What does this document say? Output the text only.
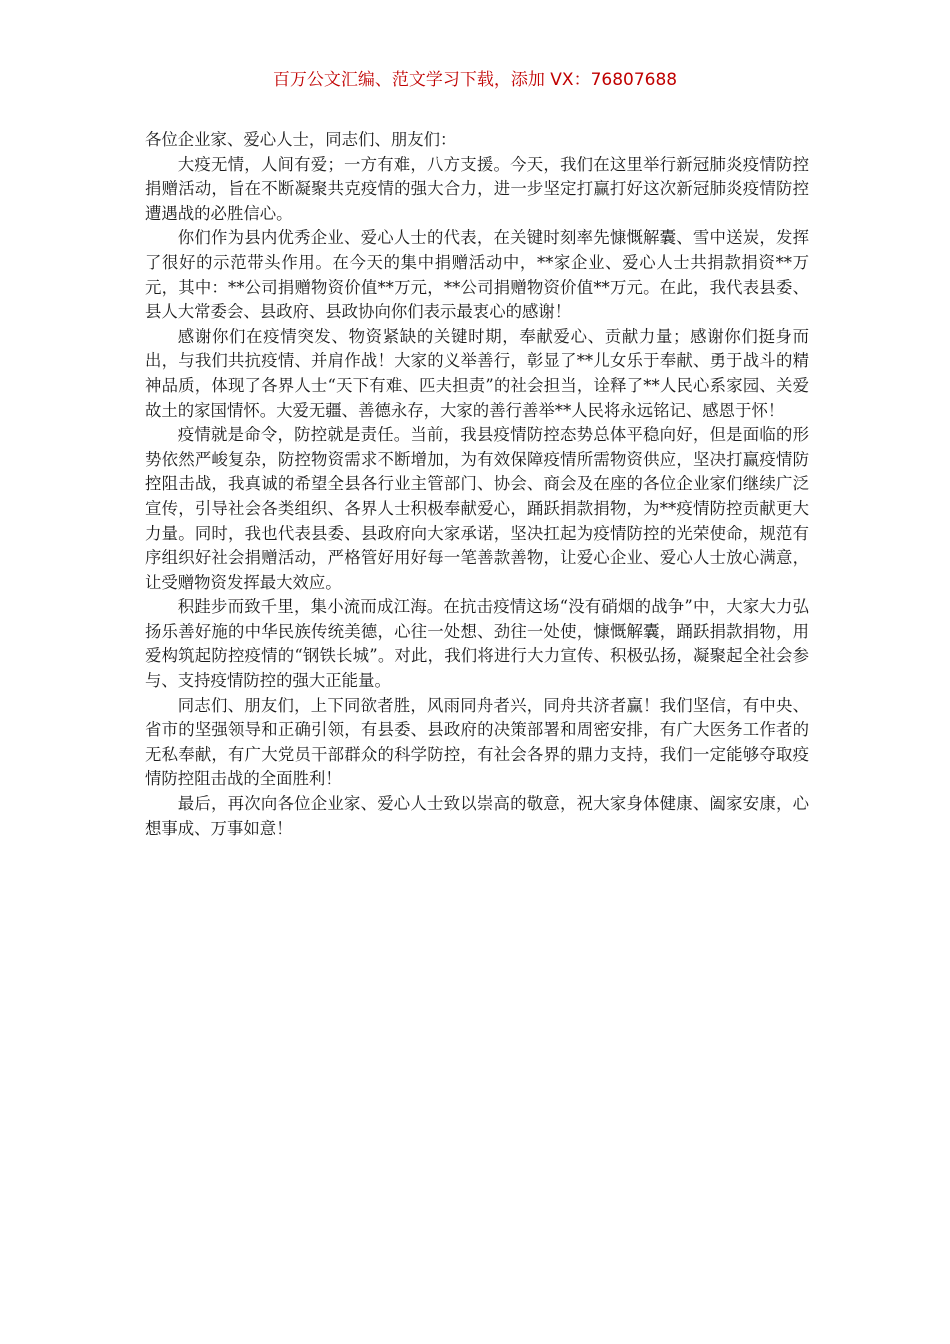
百万公文汇编、范文学习下载，添加 VX：76807688

各位企业家、爱心人士，同志们、朋友们：

大疫无情，人间有爱；一方有难，八方支援。今天，我们在这里举行新冠肺炎疫情防控捐赠活动，旨在不断凝聚共克疫情的强大合力，进一步坚定打赢打好这次新冠肺炎疫情防控遭遇战的必胜信心。

你们作为县内优秀企业、爱心人士的代表，在关键时刻率先慷慨解囊、雪中送炭，发挥了很好的示范带头作用。在今天的集中捐赠活动中，**家企业、爱心人士共捐款捐资**万元，其中：**公司捐赠物资价值**万元，**公司捐赠物资价值**万元。在此，我代表县委、县人大常委会、县政府、县政协向你们表示最衷心的感谢！

感谢你们在疫情突发、物资紧缺的关键时期，奉献爱心、贡献力量；感谢你们挺身而出，与我们共抗疫情、并肩作战！大家的义举善行，彰显了**儿女乐于奉献、勇于战斗的精神品质，体现了各界人士“天下有难、匹夫担责”的社会担当，诠释了**人民心系家园、关爱故土的家国情怀。大爱无疆、善德永存，大家的善行善举**人民将永远铭记、感恩于怀！

疫情就是命令，防控就是责任。当前，我县疫情防控态势总体平稳向好，但是面临的形势依然严峻复杂，防控物资需求不断增加，为有效保障疫情所需物资供应，坚决打赢疫情防控阻击战，我真诚的希望全县各行业主管部门、协会、商会及在座的各位企业家们继续广泛宣传，引导社会各类组织、各界人士积极奉献爱心，踊跃捐款捐物，为**疫情防控贡献更大力量。同时，我也代表县委、县政府向大家承诺，坚决扛起为疫情防控的光荣使命，规范有序组织好社会捐赠活动，严格管好用好每一笔善款善物，让爱心企业、爱心人士放心满意，让受赠物资发挥最大效应。

积跬步而致千里，集小流而成江海。在抗击疫情这场“没有硝烟的战争”中，大家大力弘扬乐善好施的中华民族传统美德，心往一处想、劲往一处使，慷慨解囊，踊跃捐款捐物，用爱构筑起防控疫情的“钢铁长城”。对此，我们将进行大力宣传、积极弘扬，凝聚起全社会参与、支持疫情防控的强大正能量。

同志们、朋友们，上下同欲者胜，风雨同舟者兴，同舟共济者赢！我们坚信，有中央、省市的坚强领导和正确引领，有县委、县政府的决策部署和周密安排，有广大医务工作者的无私奉献，有广大党员干部群众的科学防控，有社会各界的鼎力支持，我们一定能够夺取疫情防控阻击战的全面胜利！

最后，再次向各位企业家、爱心人士致以崇高的敬意，祝大家身体健康、阖家安康，心想事成、万事如意！
